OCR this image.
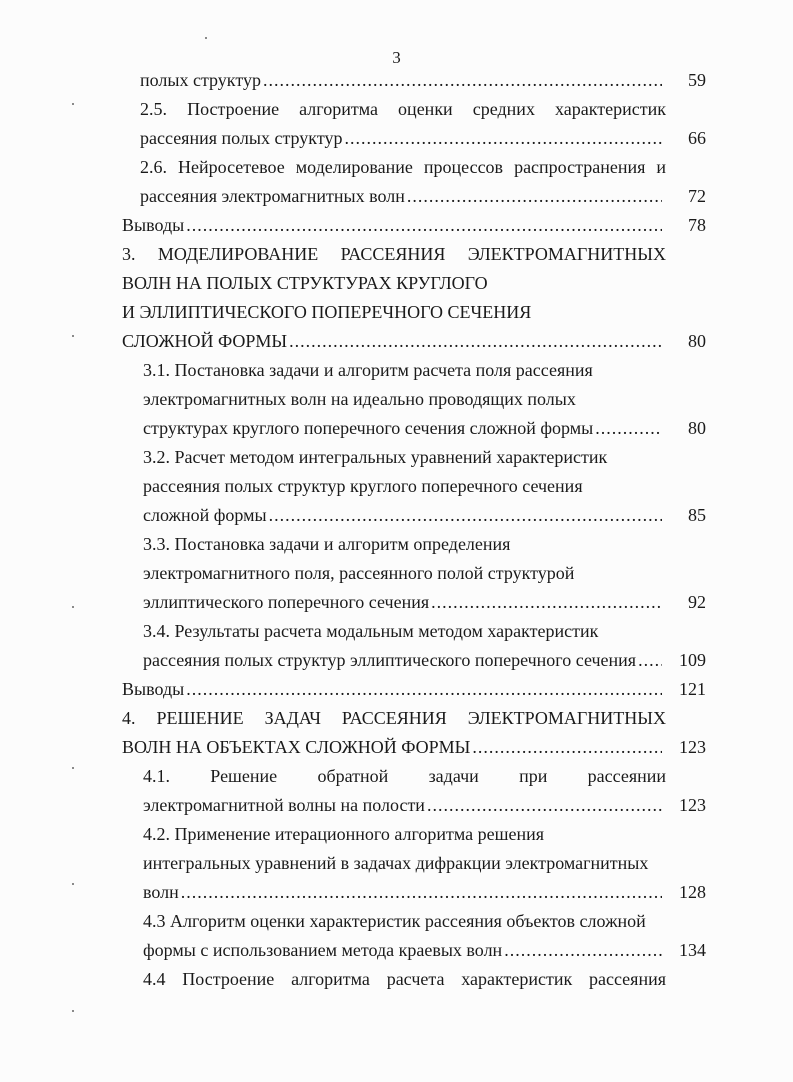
3
полых структур .....	59
2.5. Построение алгоритма оценки средних характеристик
рассеяния полых структур .....	66
2.6. Нейросетевое моделирование процессов распространения и
рассеяния электромагнитных волн .....	72
Выводы .....	78
3. МОДЕЛИРОВАНИЕ РАССЕЯНИЯ ЭЛЕКТРОМАГНИТНЫХ
ВОЛН НА ПОЛЫХ СТРУКТУРАХ КРУГЛОГО
И ЭЛЛИПТИЧЕСКОГО ПОПЕРЕЧНОГО СЕЧЕНИЯ
СЛОЖНОЙ ФОРМЫ .....	80
3.1. Постановка задачи и алгоритм расчета поля рассеяния
электромагнитных волн на идеально проводящих полых
структурах круглого поперечного сечения сложной формы .....	80
3.2. Расчет методом интегральных уравнений характеристик
рассеяния полых структур круглого поперечного сечения
сложной формы .....	85
3.3. Постановка задачи и алгоритм определения
электромагнитного поля, рассеянного полой структурой
эллиптического поперечного сечения .....	92
3.4. Результаты расчета модальным методом характеристик
рассеяния полых структур эллиптического поперечного сечения .....	109
Выводы .....	121
4. РЕШЕНИЕ ЗАДАЧ РАССЕЯНИЯ ЭЛЕКТРОМАГНИТНЫХ
ВОЛН НА ОБЪЕКТАХ СЛОЖНОЙ ФОРМЫ .....	123
4.1. Решение обратной задачи при рассеянии
электромагнитной волны на полости .....	123
4.2. Применение итерационного алгоритма решения
интегральных уравнений в задачах дифракции электромагнитных
волн .....	128
4.3 Алгоритм оценки характеристик рассеяния объектов сложной
формы с использованием метода краевых волн .....	134
4.4 Построение алгоритма расчета характеристик рассеяния
